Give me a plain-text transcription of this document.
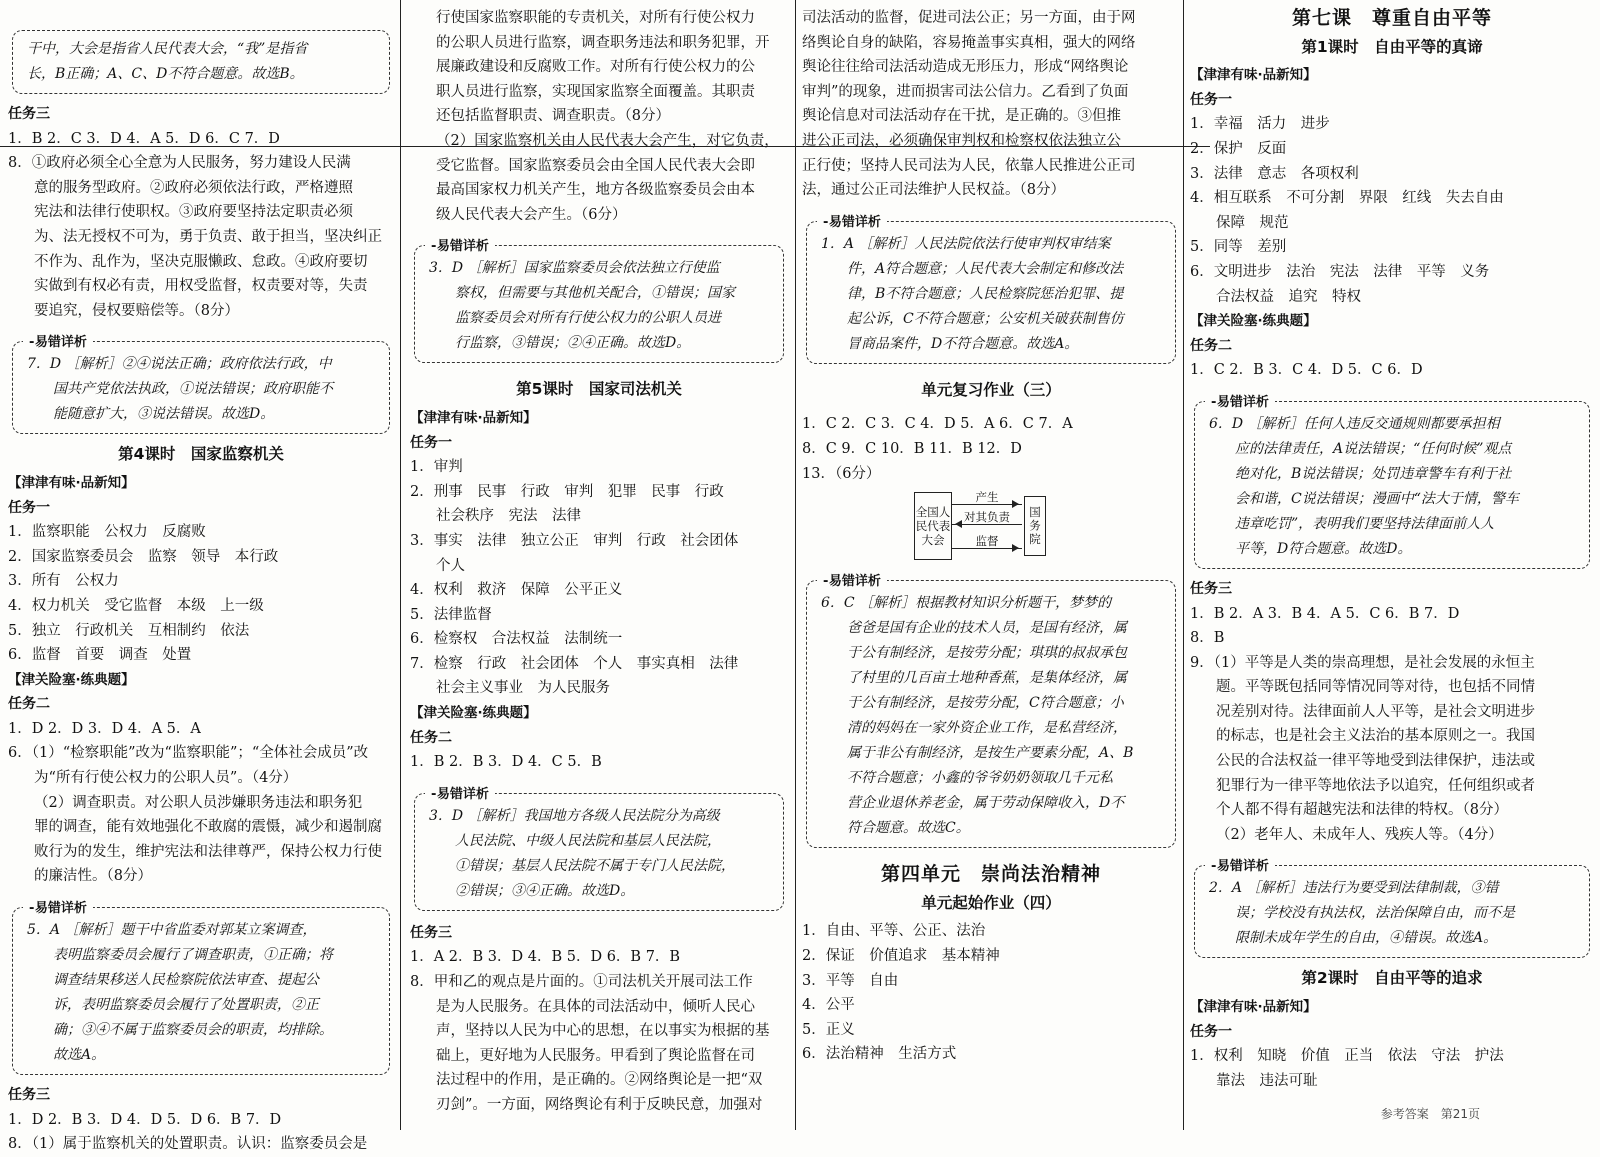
干中，大会是指省人民代表大会，“我”是指省
长，B正确；A、C、D不符合题意。故选B。
任务三
1．B 2．C 3．D 4．A 5．D 6．C 7．D
8．①政府必须全心全意为人民服务，努力建设人民满
意的服务型政府。②政府必须依法行政，严格遵照
宪法和法律行使职权。③政府要坚持法定职责必须
为、法无授权不可为，勇于负责、敢于担当，坚决纠正
不作为、乱作为，坚决克服懒政、怠政。④政府要切
实做到有权必有责，用权受监督，权责要对等，失责
要追究，侵权要赔偿等。（8分）
- 易错详析
7．D ［解析］②④说法正确；政府依法行政，中
国共产党依法执政，①说法错误；政府职能不
能随意扩大，③说法错误。故选D。
第4课时　国家监察机关
【津津有味·品新知】
任务一
1．监察职能　公权力　反腐败
2．国家监察委员会　监察　领导　本行政
3．所有　公权力
4．权力机关　受它监督　本级　上一级
5．独立　行政机关　互相制约　依法
6．监督　首要　调查　处置
【津关险塞·练典题】
任务二
1．D 2．D 3．D 4．A 5．A
6．（1）“检察职能”改为“监察职能”；“全体社会成员”改
为“所有行使公权力的公职人员”。（4分）
（2）调查职责。对公职人员涉嫌职务违法和职务犯
罪的调查，能有效地强化不敢腐的震慑，减少和遏制腐
败行为的发生，维护宪法和法律尊严，保持公权力行使
的廉洁性。（8分）
- 易错详析
5．A ［解析］题干中省监委对郭某立案调查，
表明监察委员会履行了调查职责，①正确；将
调查结果移送人民检察院依法审查、提起公
诉，表明监察委员会履行了处置职责，②正
确；③④不属于监察委员会的职责，均排除。
故选A。
任务三
1．D 2．B 3．D 4．D 5．D 6．B 7．D
8．（1）属于监察机关的处置职责。认识：监察委员会是
行使国家监察职能的专责机关，对所有行使公权力
的公职人员进行监察，调查职务违法和职务犯罪，开
展廉政建设和反腐败工作。对所有行使公权力的公
职人员进行监察，实现国家监察全面覆盖。其职责
还包括监督职责、调查职责。（8分）
（2）国家监察机关由人民代表大会产生，对它负责，
受它监督。国家监察委员会由全国人民代表大会即
最高国家权力机关产生，地方各级监察委员会由本
级人民代表大会产生。（6分）
- 易错详析
3．D ［解析］国家监察委员会依法独立行使监
察权，但需要与其他机关配合，①错误；国家
监察委员会对所有行使公权力的公职人员进
行监察，③错误；②④正确。故选D。
第5课时　国家司法机关
【津津有味·品新知】
任务一
1．审判
2．刑事　民事　行政　审判　犯罪　民事　行政
社会秩序　宪法　法律
3．事实　法律　独立公正　审判　行政　社会团体
个人
4．权利　救济　保障　公平正义
5．法律监督
6．检察权　合法权益　法制统一
7．检察　行政　社会团体　个人　事实真相　法律
社会主义事业　为人民服务
【津关险塞·练典题】
任务二
1．B 2．B 3．D 4．C 5．B
- 易错详析
3．D ［解析］我国地方各级人民法院分为高级
人民法院、中级人民法院和基层人民法院，
①错误；基层人民法院不属于专门人民法院，
②错误；③④正确。故选D。
任务三
1．A 2．B 3．D 4．B 5．D 6．B 7．B
8．甲和乙的观点是片面的。①司法机关开展司法工作
是为人民服务。在具体的司法活动中，倾听人民心
声，坚持以人民为中心的思想，在以事实为根据的基
础上，更好地为人民服务。甲看到了舆论监督在司
法过程中的作用，是正确的。②网络舆论是一把“双
刃剑”。一方面，网络舆论有利于反映民意，加强对
司法活动的监督，促进司法公正；另一方面，由于网
络舆论自身的缺陷，容易掩盖事实真相，强大的网络
舆论往往给司法活动造成无形压力，形成“网络舆论
审判”的现象，进而损害司法公信力。乙看到了负面
舆论信息对司法活动存在干扰，是正确的。③但推
进公正司法，必须确保审判权和检察权依法独立公
正行使；坚持人民司法为人民，依靠人民推进公正司
法，通过公正司法维护人民权益。（8分）
- 易错详析
1．A ［解析］人民法院依法行使审判权审结案
件，A符合题意；人民代表大会制定和修改法
律，B不符合题意；人民检察院惩治犯罪、提
起公诉，C不符合题意；公安机关破获制售仿
冒商品案件，D不符合题意。故选A。
单元复习作业（三）
1．C 2．C 3．C 4．D 5．A 6．C 7．A
8．C 9．C 10．B 11．B 12．D
13．（6分）
全国人民代表大会
产生
对其负责
监督	国务院
- 易错详析
6．C ［解析］根据教材知识分析题干，梦梦的
爸爸是国有企业的技术人员，是国有经济，属
于公有制经济，是按劳分配；琪琪的叔叔承包
了村里的几百亩土地种香蕉，是集体经济，属
于公有制经济，是按劳分配，C符合题意；小
清的妈妈在一家外资企业工作，是私营经济，
属于非公有制经济，是按生产要素分配，A、B
不符合题意；小鑫的爷爷奶奶领取几千元私
营企业退休养老金，属于劳动保障收入，D不
符合题意。故选C。
第四单元　崇尚法治精神
单元起始作业（四）
1．自由、平等、公正、法治
2．保证　价值追求　基本精神
3．平等　自由
4．公平
5．正义
6．法治精神　生活方式
第七课　尊重自由平等
第1课时　自由平等的真谛
【津津有味·品新知】
任务一
1．幸福　活力　进步
2．保护　反面
3．法律　意志　各项权利
4．相互联系　不可分割　界限　红线　失去自由
保障　规范
5．同等　差别
6．文明进步　法治　宪法　法律　平等　义务
合法权益　追究　特权
【津关险塞·练典题】
任务二
1．C 2．B 3．C 4．D 5．C 6．D
- 易错详析
6．D ［解析］任何人违反交通规则都要承担相
应的法律责任，A说法错误；“任何时候”观点
绝对化，B说法错误；处罚违章警车有利于社
会和谐，C说法错误；漫画中“法大于情，警车
违章吃罚”，表明我们要坚持法律面前人人
平等，D符合题意。故选D。
任务三
1．B 2．A 3．B 4．A 5．C 6．B 7．D
8．B
9．（1）平等是人类的崇高理想，是社会发展的永恒主
题。平等既包括同等情况同等对待，也包括不同情
况差别对待。法律面前人人平等，是社会文明进步
的标志，也是社会主义法治的基本原则之一。我国
公民的合法权益一律平等地受到法律保护，违法或
犯罪行为一律平等地依法予以追究，任何组织或者
个人都不得有超越宪法和法律的特权。（8分）
（2）老年人、未成年人、残疾人等。（4分）
- 易错详析
2．A ［解析］违法行为要受到法律制裁，③错
误；学校没有执法权，法治保障自由，而不是
限制未成年学生的自由，④错误。故选A。
第2课时　自由平等的追求
【津津有味·品新知】
任务一
1．权利　知晓　价值　正当　依法　守法　护法
靠法　违法可耻
参考答案　第21页
